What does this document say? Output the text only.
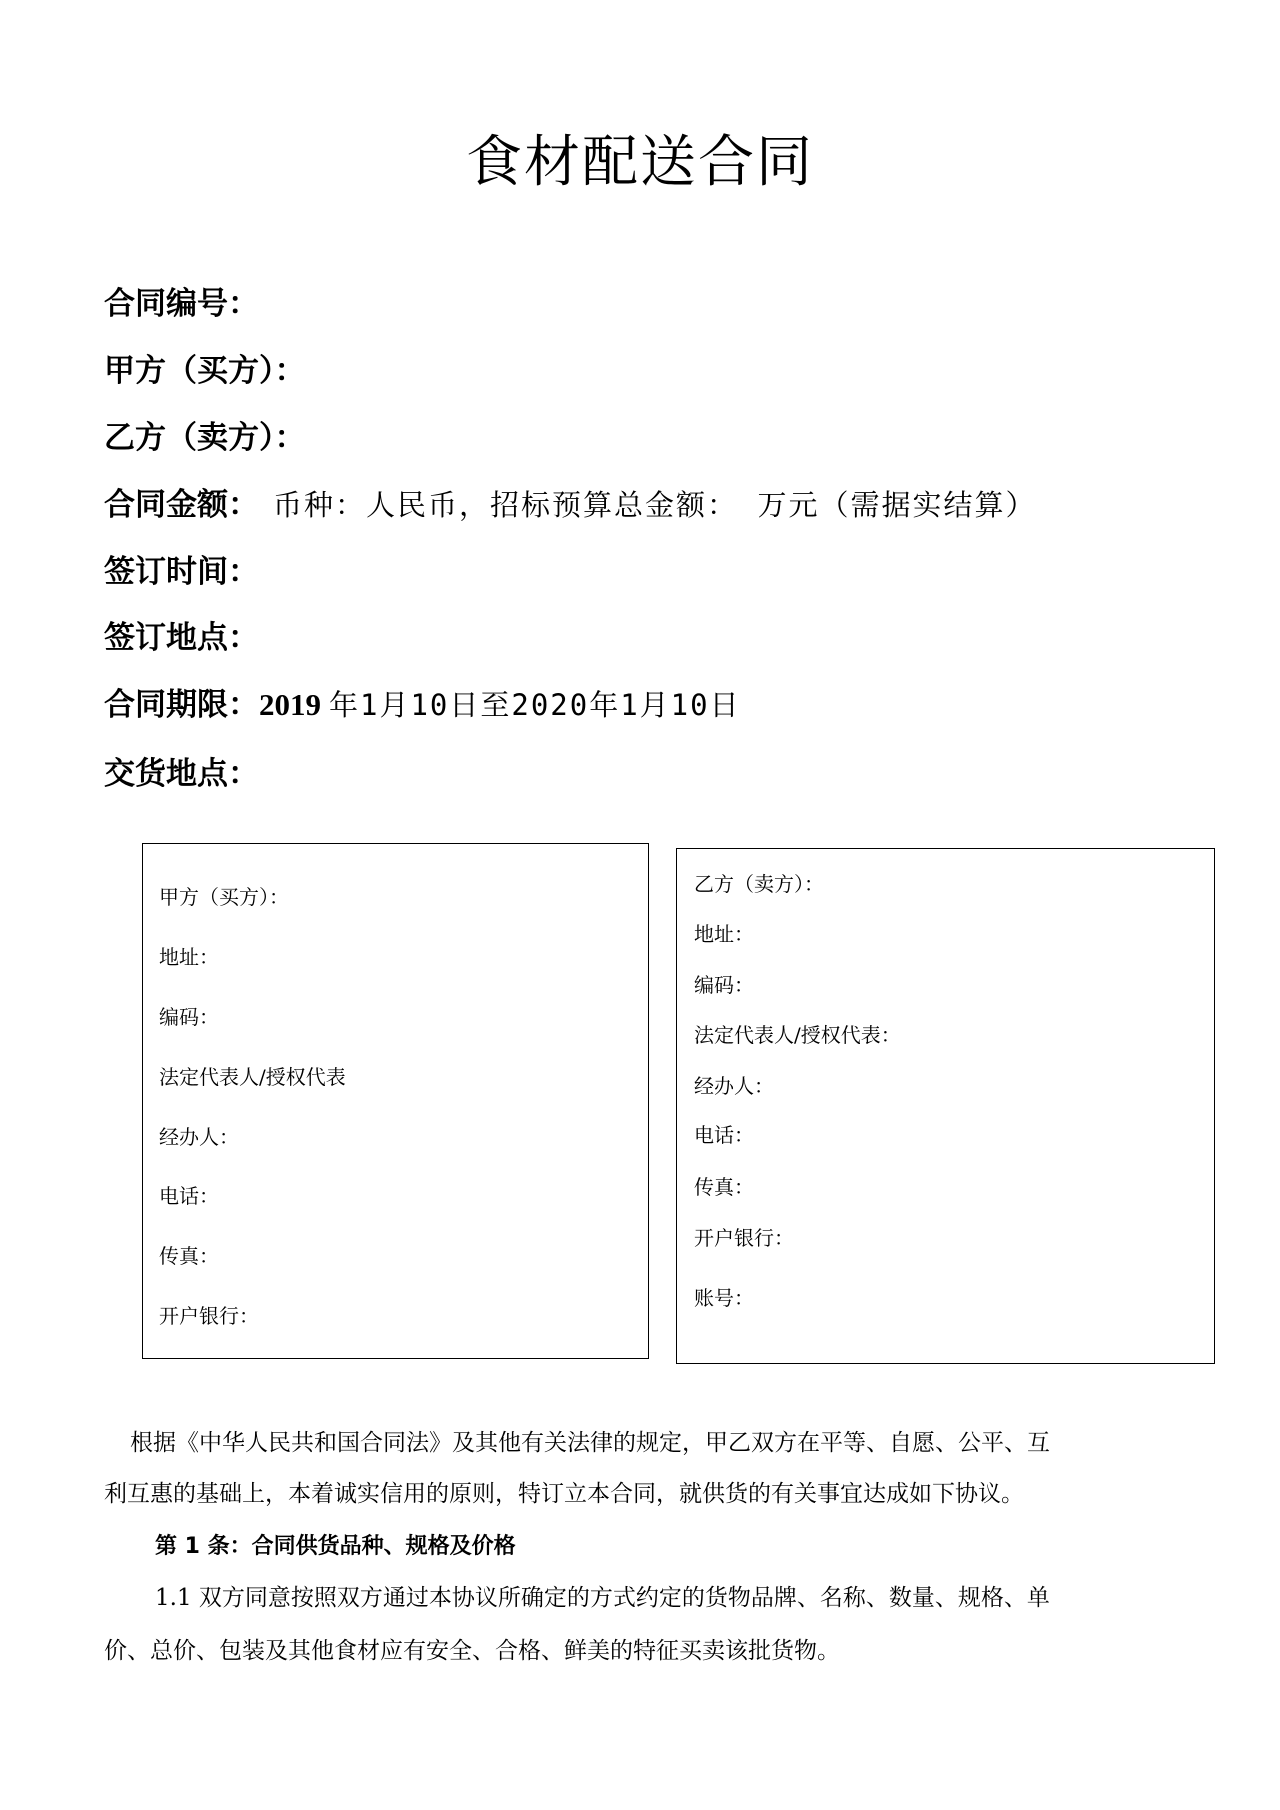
食材配送合同
合同编号：
甲方（买方）：
乙方（卖方）：
合同金额： 币种：人民币，招标预算总金额： 万元（需据实结算）
签订时间：
签订地点：
合同期限：2019 年1月10日至2020年1月10日
交货地点：
甲方（买方）：
地址：
编码：
法定代表人/授权代表
经办人：
电话：
传真：
开户银行：
乙方（卖方）：
地址：
编码：
法定代表人/授权代表：
经办人：
电话：
传真：
开户银行：
账号：
根据《中华人民共和国合同法》及其他有关法律的规定，甲乙双方在平等、自愿、公平、互
利互惠的基础上，本着诚实信用的原则，特订立本合同，就供货的有关事宜达成如下协议。
第 1 条：合同供货品种、规格及价格
1.1 双方同意按照双方通过本协议所确定的方式约定的货物品牌、名称、数量、规格、单
价、总价、包装及其他食材应有安全、合格、鲜美的特征买卖该批货物。
